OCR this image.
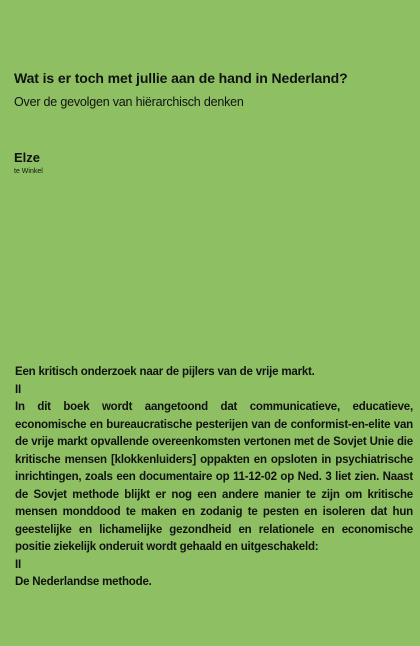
Wat is er toch met jullie aan de hand in Nederland?
Over de gevolgen van hiërarchisch denken
Elze
te Winkel

Een kritisch onderzoek naar de pijlers van de vrije markt.

II

In dit boek wordt aangetoond dat communicatieve, educatieve, economische en bureaucratische pesterijen van de conformist-en-elite van de vrije markt opvallende overeenkomsten vertonen met de Sovjet Unie die kritische mensen [klokkenluiders] oppakten en opsloten in psychiatrische inrichtingen, zoals een documentaire op 11-12-02 op Ned. 3 liet zien. Naast de Sovjet methode blijkt er nog een andere manier te zijn om kritische mensen monddood te maken en zodanig te pesten en isoleren dat hun geestelijke en lichamelijke gezondheid en relationele en economische positie ziekelijk onderuit wordt gehaald en uitgeschakeld:

II

De Nederlandse methode.
